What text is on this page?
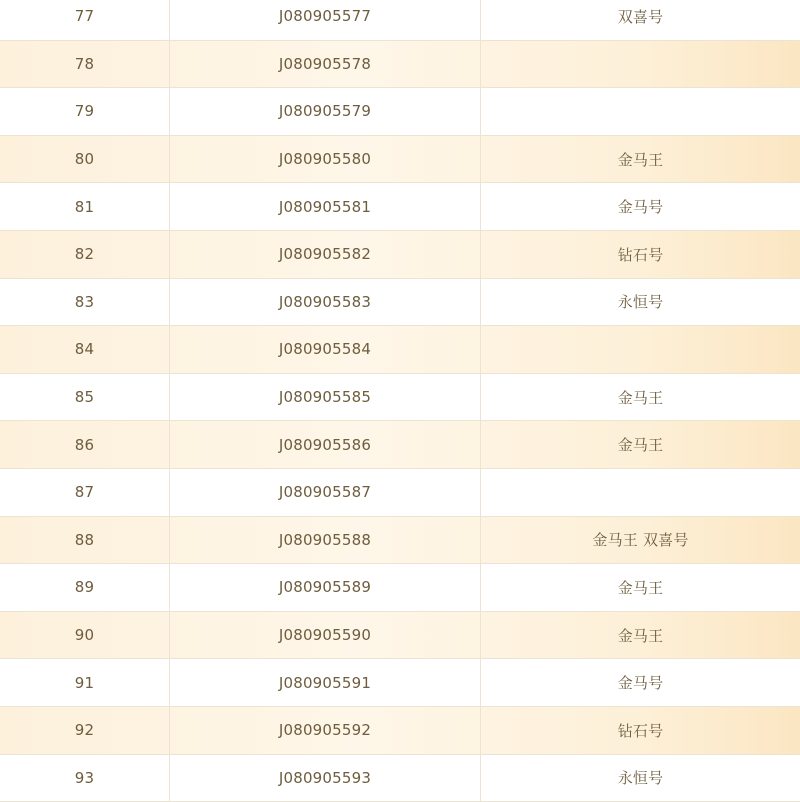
77	J080905577	双喜号
78	J080905578
79	J080905579
80	J080905580	金马王
81	J080905581	金马号
82	J080905582	钻石号
83	J080905583	永恒号
84	J080905584
85	J080905585	金马王
86	J080905586	金马王
87	J080905587
88	J080905588	金马王 双喜号
89	J080905589	金马王
90	J080905590	金马王
91	J080905591	金马号
92	J080905592	钻石号
93	J080905593	永恒号
